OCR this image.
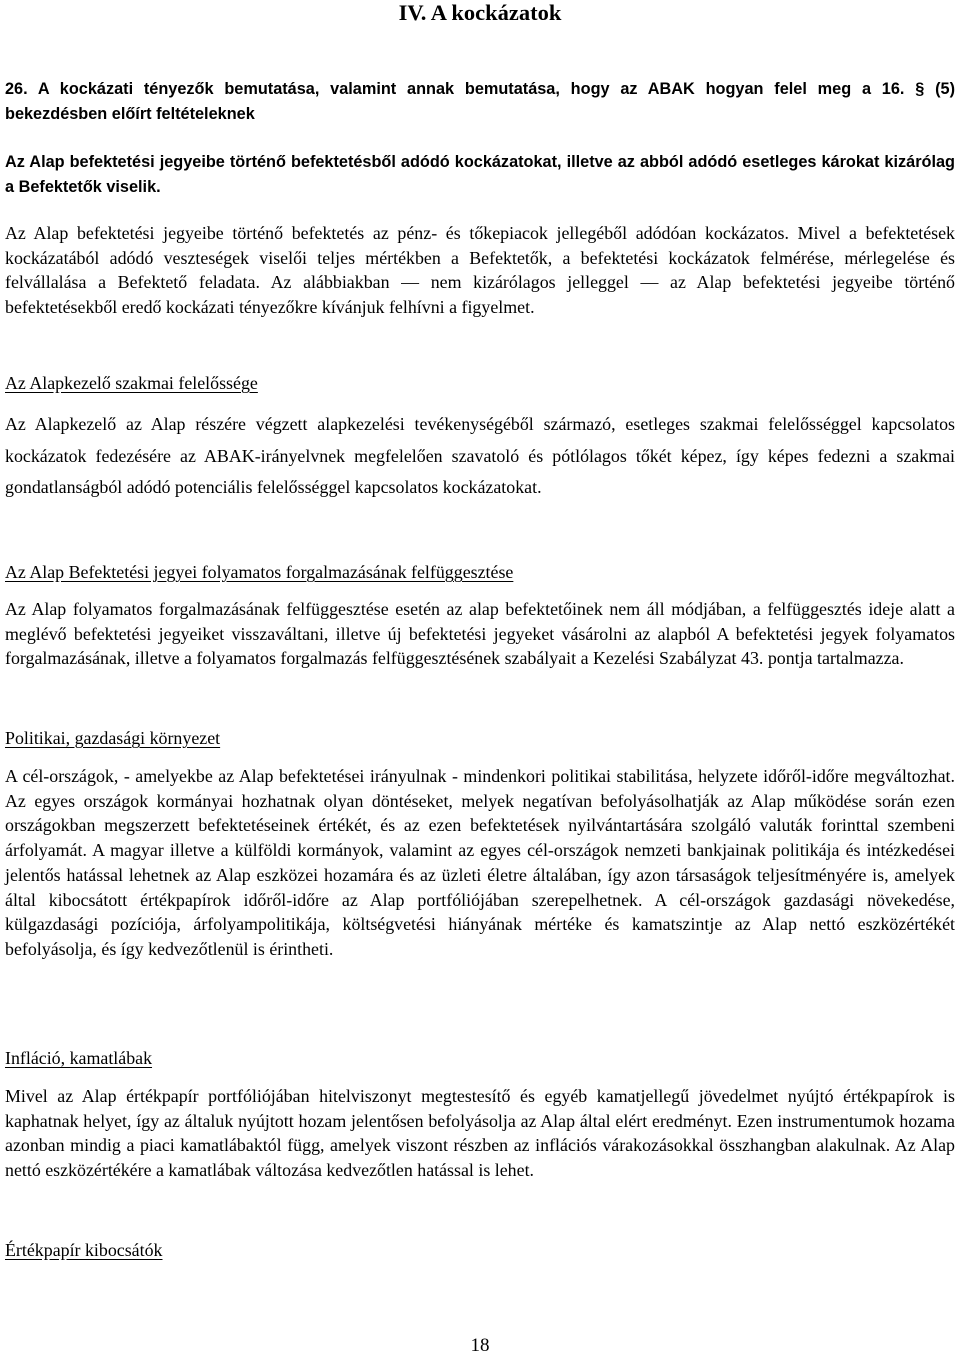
IV. A kockázatok

26. A kockázati tényezők bemutatása, valamint annak bemutatása, hogy az ABAK hogyan felel meg a 16. § (5) bekezdésben előírt feltételeknek

Az Alap befektetési jegyeibe történő befektetésből adódó kockázatokat, illetve az abból adódó esetleges károkat kizárólag a Befektetők viselik.

Az Alap befektetési jegyeibe történő befektetés az pénz- és tőkepiacok jellegéből adódóan kockázatos. Mivel a befektetések kockázatából adódó veszteségek viselői teljes mértékben a Befektetők, a befektetési kockázatok felmérése, mérlegelése és felvállalása a Befektető feladata. Az alábbiakban ― nem kizárólagos jelleggel ― az Alap befektetési jegyeibe történő befektetésekből eredő kockázati tényezőkre kívánjuk felhívni a figyelmet.

Az Alapkezelő szakmai felelőssége

Az Alapkezelő az Alap részére végzett alapkezelési tevékenységéből származó, esetleges szakmai felelősséggel kapcsolatos kockázatok fedezésére az ABAK-irányelvnek megfelelően szavatoló és pótlólagos tőkét képez, így képes fedezni a szakmai gondatlanságból adódó potenciális felelősséggel kapcsolatos kockázatokat.

Az Alap Befektetési jegyei folyamatos forgalmazásának felfüggesztése

Az Alap folyamatos forgalmazásának felfüggesztése esetén az alap befektetőinek nem áll módjában, a felfüggesztés ideje alatt a meglévő befektetési jegyeiket visszaváltani, illetve új befektetési jegyeket vásárolni az alapból A befektetési jegyek folyamatos forgalmazásának, illetve a folyamatos forgalmazás felfüggesztésének szabályait a Kezelési Szabályzat 43. pontja tartalmazza.

Politikai, gazdasági környezet

A cél-országok, - amelyekbe az Alap befektetései irányulnak - mindenkori politikai stabilitása, helyzete időről-időre megváltozhat. Az egyes országok kormányai hozhatnak olyan döntéseket, melyek negatívan befolyásolhatják az Alap működése során ezen országokban megszerzett befektetéseinek értékét, és az ezen befektetések nyilvántartására szolgáló valuták forinttal szembeni árfolyamát. A magyar illetve a külföldi kormányok, valamint az egyes cél-országok nemzeti bankjainak politikája és intézkedései jelentős hatással lehetnek az Alap eszközei hozamára és az üzleti életre általában, így azon társaságok teljesítményére is, amelyek által kibocsátott értékpapírok időről-időre az Alap portfóliójában szerepelhetnek. A cél-országok gazdasági növekedése, külgazdasági pozíciója, árfolyampolitikája, költségvetési hiányának mértéke és kamatszintje az Alap nettó eszközértékét befolyásolja, és így kedvezőtlenül is érintheti.

Infláció, kamatlábak

Mivel az Alap értékpapír portfóliójában hitelviszonyt megtestesítő és egyéb kamatjellegű jövedelmet nyújtó értékpapírok is kaphatnak helyet, így az általuk nyújtott hozam jelentősen befolyásolja az Alap által elért eredményt. Ezen instrumentumok hozama azonban mindig a piaci kamatlábaktól függ, amelyek viszont részben az inflációs várakozásokkal összhangban alakulnak. Az Alap nettó eszközértékére a kamatlábak változása kedvezőtlen hatással is lehet.

Értékpapír kibocsátók

18
